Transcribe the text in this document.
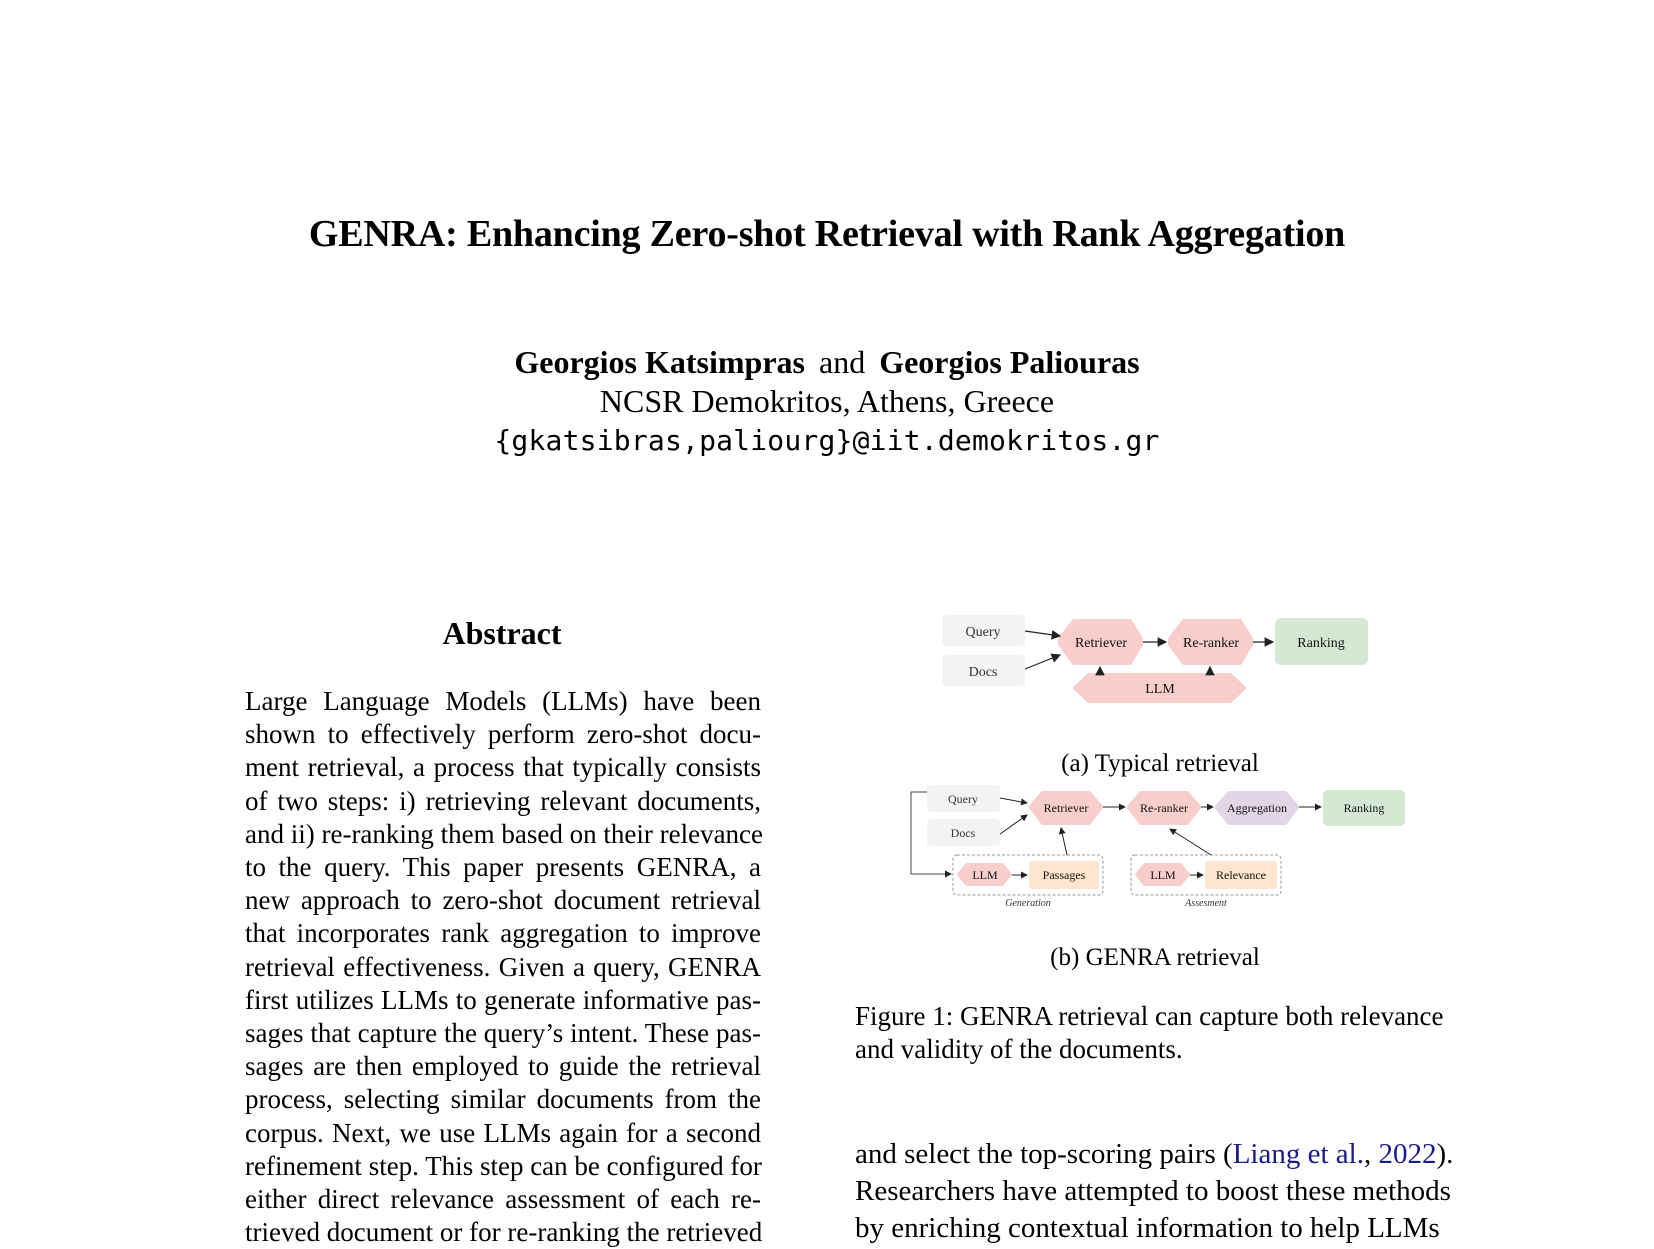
GENRA: Enhancing Zero-shot Retrieval with Rank Aggregation
Georgios Katsimpras and Georgios Paliouras
NCSR Demokritos, Athens, Greece
{gkatsibras,paliourg}@iit.demokritos.gr
Abstract
Large Language Models (LLMs) have been
shown to effectively perform zero-shot docu-
ment retrieval, a process that typically consists
of two steps: i) retrieving relevant documents,
and ii) re-ranking them based on their relevance
to the query. This paper presents GENRA, a
new approach to zero-shot document retrieval
that incorporates rank aggregation to improve
retrieval effectiveness. Given a query, GENRA
first utilizes LLMs to generate informative pas-
sages that capture the query’s intent. These pas-
sages are then employed to guide the retrieval
process, selecting similar documents from the
corpus. Next, we use LLMs again for a second
refinement step. This step can be configured for
either direct relevance assessment of each re-
trieved document or for re-ranking the retrieved
Query
Docs
Retriever	Re-ranker	Ranking
LLM
(a) Typical retrieval
Query
Docs
Retriever	Re-ranker	Aggregation	Ranking
LLM	Passages
Generation
LLM	Relevance
Assesment
(b) GENRA retrieval
Figure 1: GENRA retrieval can capture both relevance
and validity of the documents.
and select the top-scoring pairs (Liang et al., 2022).
Researchers have attempted to boost these methods
by enriching contextual information to help LLMs
